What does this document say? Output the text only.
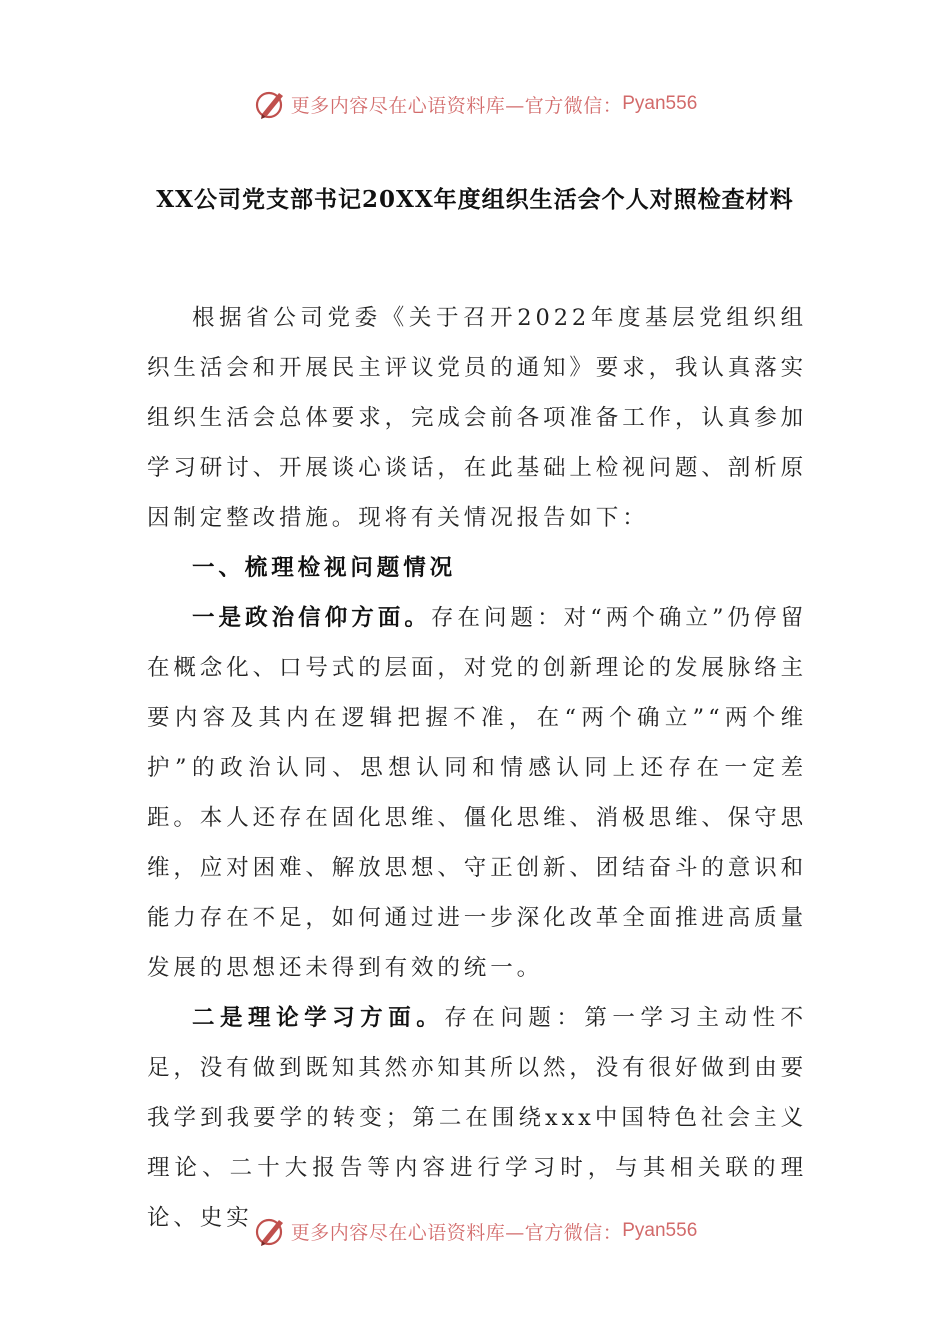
更多内容尽在心语资料库—官方微信： Pyan556
XX公司党支部书记20XX年度组织生活会个人对照检查材料

根据省公司党委《关于召开2022年度基层党组织组织生活会和开展民主评议党员的通知》要求，我认真落实组织生活会总体要求，完成会前各项准备工作，认真参加学习研讨、开展谈心谈话，在此基础上检视问题、剖析原因制定整改措施。现将有关情况报告如下：

一、梳理检视问题情况

一是政治信仰方面。存在问题：对“两个确立”仍停留在概念化、口号式的层面，对党的创新理论的发展脉络主要内容及其内在逻辑把握不准，在“两个确立”“两个维护”的政治认同、思想认同和情感认同上还存在一定差距。本人还存在固化思维、僵化思维、消极思维、保守思维，应对困难、解放思想、守正创新、团结奋斗的意识和能力存在不足，如何通过进一步深化改革全面推进高质量发展的思想还未得到有效的统一。

二是理论学习方面。存在问题：第一学习主动性不足，没有做到既知其然亦知其所以然，没有很好做到由要我学到我要学的转变；第二在围绕xxx中国特色社会主义理论、二十大报告等内容进行学习时，与其相关联的理论、史实

更多内容尽在心语资料库—官方微信： Pyan556
